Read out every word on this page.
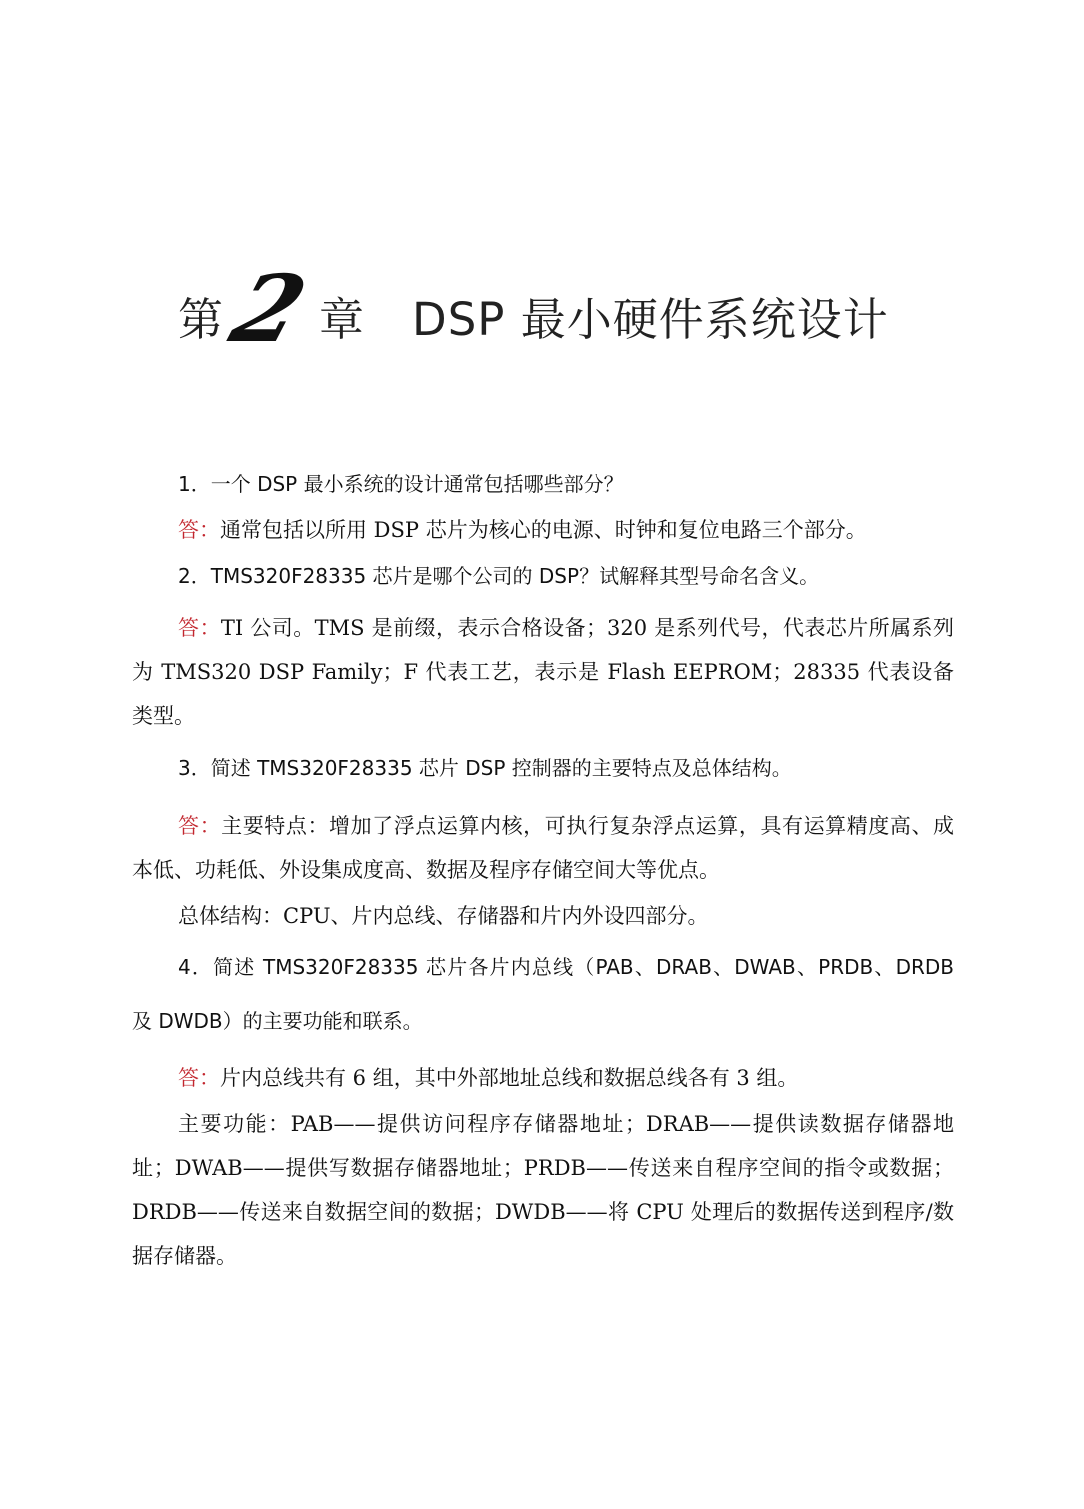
第
2 章 DSP 最小硬件系统设计

1．一个 DSP 最小系统的设计通常包括哪些部分？

答：通常包括以所用 DSP 芯片为核心的电源、时钟和复位电路三个部分。

2．TMS320F28335 芯片是哪个公司的 DSP？试解释其型号命名含义。

答：TI 公司。TMS 是前缀，表示合格设备；320 是系列代号，代表芯片所属系列为 TMS320 DSP Family；F 代表工艺，表示是 Flash EEPROM；28335 代表设备类型。

3．简述 TMS320F28335 芯片 DSP 控制器的主要特点及总体结构。

答：主要特点：增加了浮点运算内核，可执行复杂浮点运算，具有运算精度高、成本低、功耗低、外设集成度高、数据及程序存储空间大等优点。

总体结构：CPU、片内总线、存储器和片内外设四部分。

4．简述 TMS320F28335 芯片各片内总线（PAB、DRAB、DWAB、PRDB、DRDB 及 DWDB）的主要功能和联系。

答：片内总线共有 6 组，其中外部地址总线和数据总线各有 3 组。

主要功能：PAB——提供访问程序存储器地址；DRAB——提供读数据存储器地址；DWAB——提供写数据存储器地址；PRDB——传送来自程序空间的指令或数据；DRDB——传送来自数据空间的数据；DWDB——将 CPU 处理后的数据传送到程序/数据存储器。
